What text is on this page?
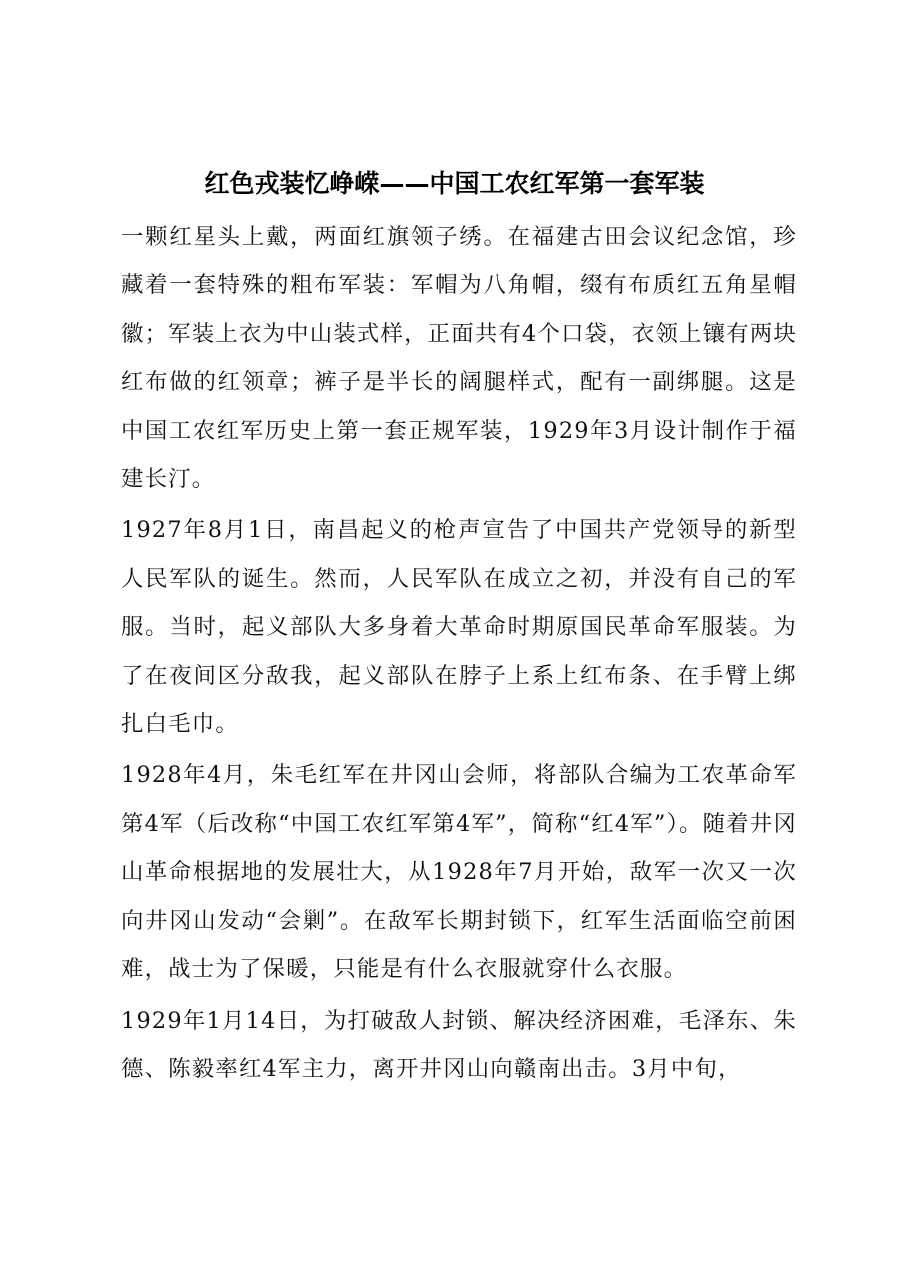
红色戎装忆峥嵘——中国工农红军第一套军装

一颗红星头上戴，两面红旗领子绣。在福建古田会议纪念馆，珍藏着一套特殊的粗布军装：军帽为八角帽，缀有布质红五角星帽徽；军装上衣为中山装式样，正面共有4个口袋，衣领上镶有两块红布做的红领章；裤子是半长的阔腿样式，配有一副绑腿。这是中国工农红军历史上第一套正规军装，1929年3月设计制作于福建长汀。

1927年8月1日，南昌起义的枪声宣告了中国共产党领导的新型人民军队的诞生。然而，人民军队在成立之初，并没有自己的军服。当时，起义部队大多身着大革命时期原国民革命军服装。为了在夜间区分敌我，起义部队在脖子上系上红布条、在手臂上绑扎白毛巾。

1928年4月，朱毛红军在井冈山会师，将部队合编为工农革命军第4军（后改称“中国工农红军第4军”，简称“红4军”）。随着井冈山革命根据地的发展壮大，从1928年7月开始，敌军一次又一次向井冈山发动“会剿”。在敌军长期封锁下，红军生活面临空前困难，战士为了保暖，只能是有什么衣服就穿什么衣服。

1929年1月14日，为打破敌人封锁、解决经济困难，毛泽东、朱德、陈毅率红4军主力，离开井冈山向赣南出击。3月中旬，
